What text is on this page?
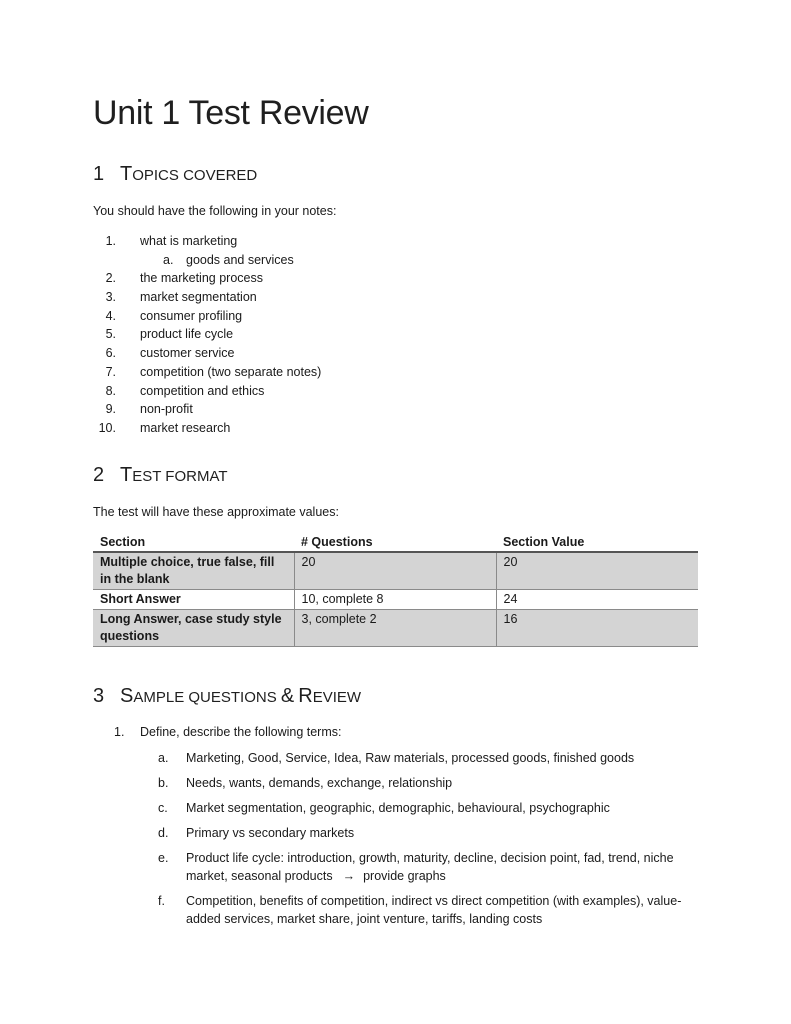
Unit 1 Test Review
1 TOPICS COVERED

You should have the following in your notes:

1. what is marketing
a. goods and services
2. the marketing process
3. market segmentation
4. consumer profiling
5. product life cycle
6. customer service
7. competition (two separate notes)
8. competition and ethics
9. non-profit
10. market research
2 TEST FORMAT

The test will have these approximate values:

Section	# Questions	Section Value
Multiple choice, true false, fill in the blank	20	20
Short Answer	10, complete 8	24
Long Answer, case study style questions	3, complete 2	16
3 SAMPLE QUESTIONS & REVIEW

1. Define, describe the following terms:

a.	Marketing, Good, Service, Idea, Raw materials, processed goods, finished goods
b.	Needs, wants, demands, exchange, relationship
c.	Market segmentation, geographic, demographic, behavioural, psychographic
d.	Primary vs secondary markets
e.	Product life cycle: introduction, growth, maturity, decline, decision point, fad, trend, niche market, seasonal products → provide graphs
f.	Competition, benefits of competition, indirect vs direct competition (with examples), value-added services, market share, joint venture, tariffs, landing costs
